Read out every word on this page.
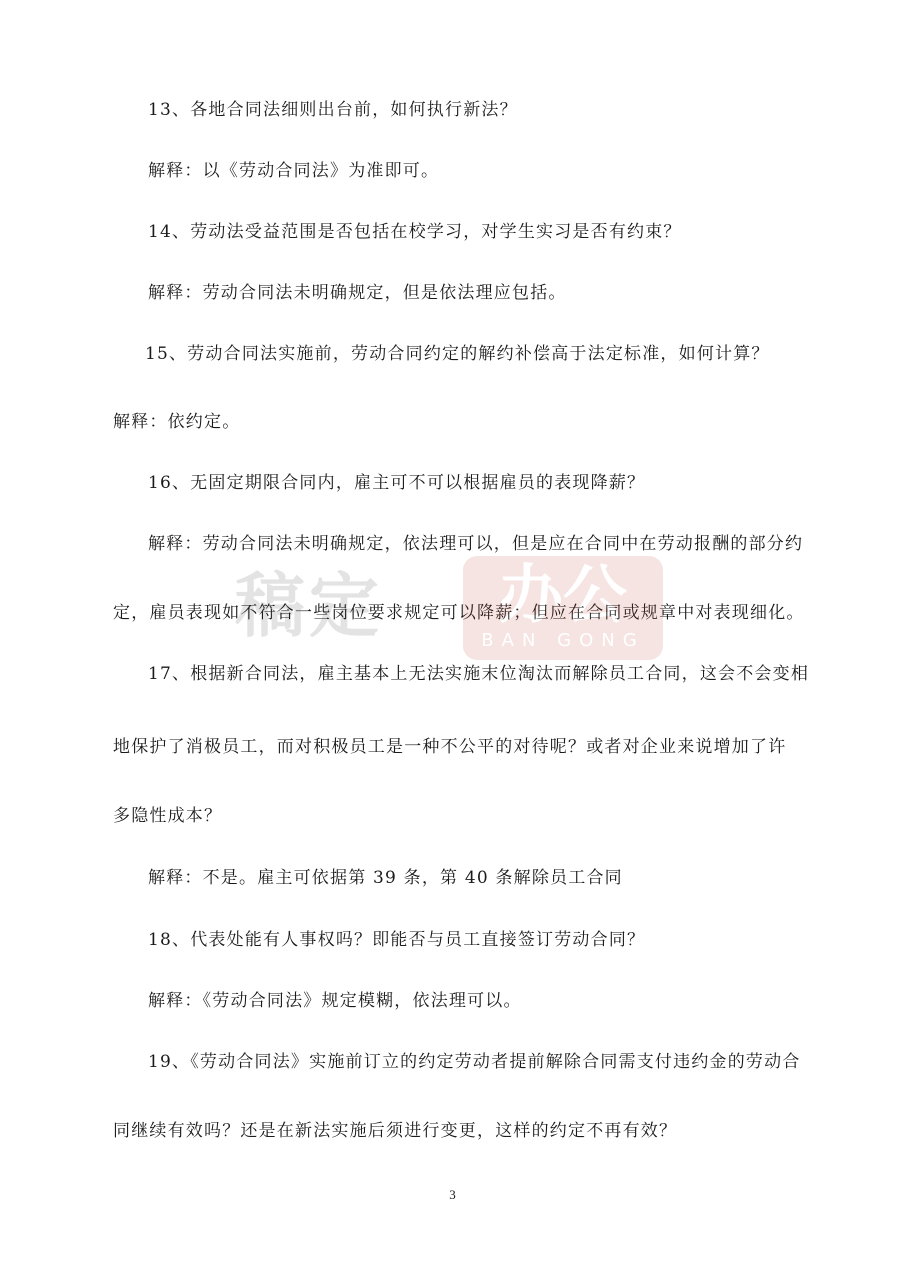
13、各地合同法细则出台前，如何执行新法？

解释：以《劳动合同法》为准即可。

14、劳动法受益范围是否包括在校学习，对学生实习是否有约束？

解释：劳动合同法未明确规定，但是依法理应包括。

15、劳动合同法实施前，劳动合同约定的解约补偿高于法定标准，如何计算？

解释：依约定。

16、无固定期限合同内，雇主可不可以根据雇员的表现降薪？

解释：劳动合同法未明确规定，依法理可以，但是应在合同中在劳动报酬的部分约

定，雇员表现如不符合一些岗位要求规定可以降薪；但应在合同或规章中对表现细化。

17、根据新合同法，雇主基本上无法实施末位淘汰而解除员工合同，这会不会变相

地保护了消极员工，而对积极员工是一种不公平的对待呢？或者对企业来说增加了许

多隐性成本？

解释：不是。雇主可依据第 39 条，第 40 条解除员工合同

18、代表处能有人事权吗？即能否与员工直接签订劳动合同？

解释：《劳动合同法》规定模糊，依法理可以。

19、《劳动合同法》实施前订立的约定劳动者提前解除合同需支付违约金的劳动合

同继续有效吗？还是在新法实施后须进行变更，这样的约定不再有效？

稿定	办公
BAN GONG
3
